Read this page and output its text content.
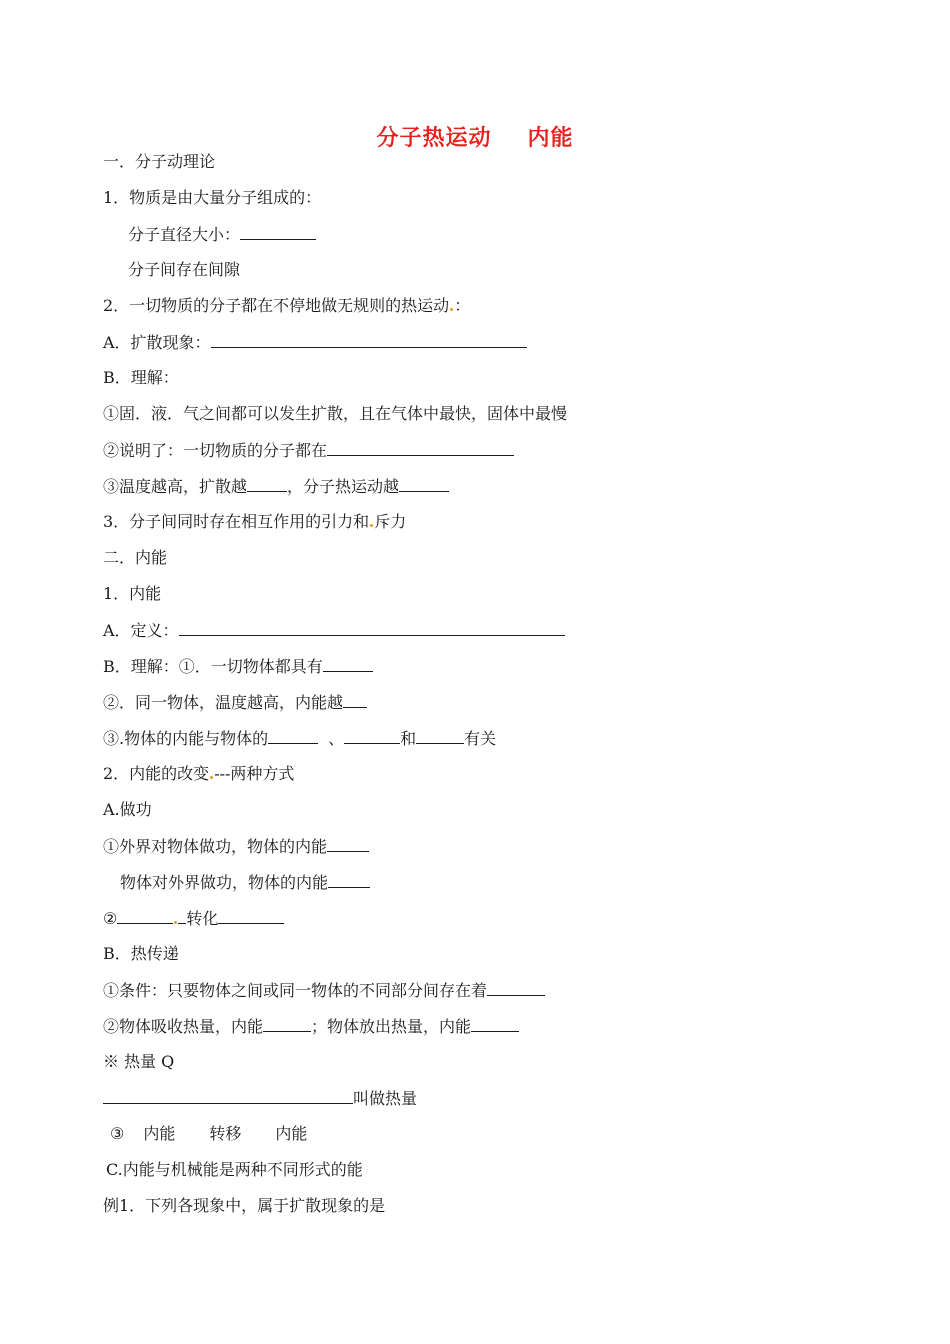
分子热运动 内能
一．分子动理论
1．物质是由大量分子组成的：
分子直径大小：
分子间存在间隙
2．一切物质的分子都在不停地做无规则的热运动 ：
A．扩散现象：
B．理解：
①固．液．气之间都可以发生扩散，且在气体中最快，固体中最慢
②说明了：一切物质的分子都在
③温度越高，扩散越	，分子热运动越
3．分子间同时存在相互作用的引力和 斥力
二．内能
1．内能
A．定义：
B．理解：①．一切物体都具有
②．同一物体，温度越高，内能越
③.物体的内能与物体的	、	和	有关
2．内能的改变 ---两种方式
A.做功
①外界对物体做功，物体的内能
物体对外界做功，物体的内能
②	转化
B．热传递
①条件：只要物体之间或同一物体的不同部分间存在着
②物体吸收热量，内能	；物体放出热量，内能
※ 热量 Q
叫做热量
③ 内能 转移 内能
C.内能与机械能是两种不同形式的能
例1．下列各现象中，属于扩散现象的是
